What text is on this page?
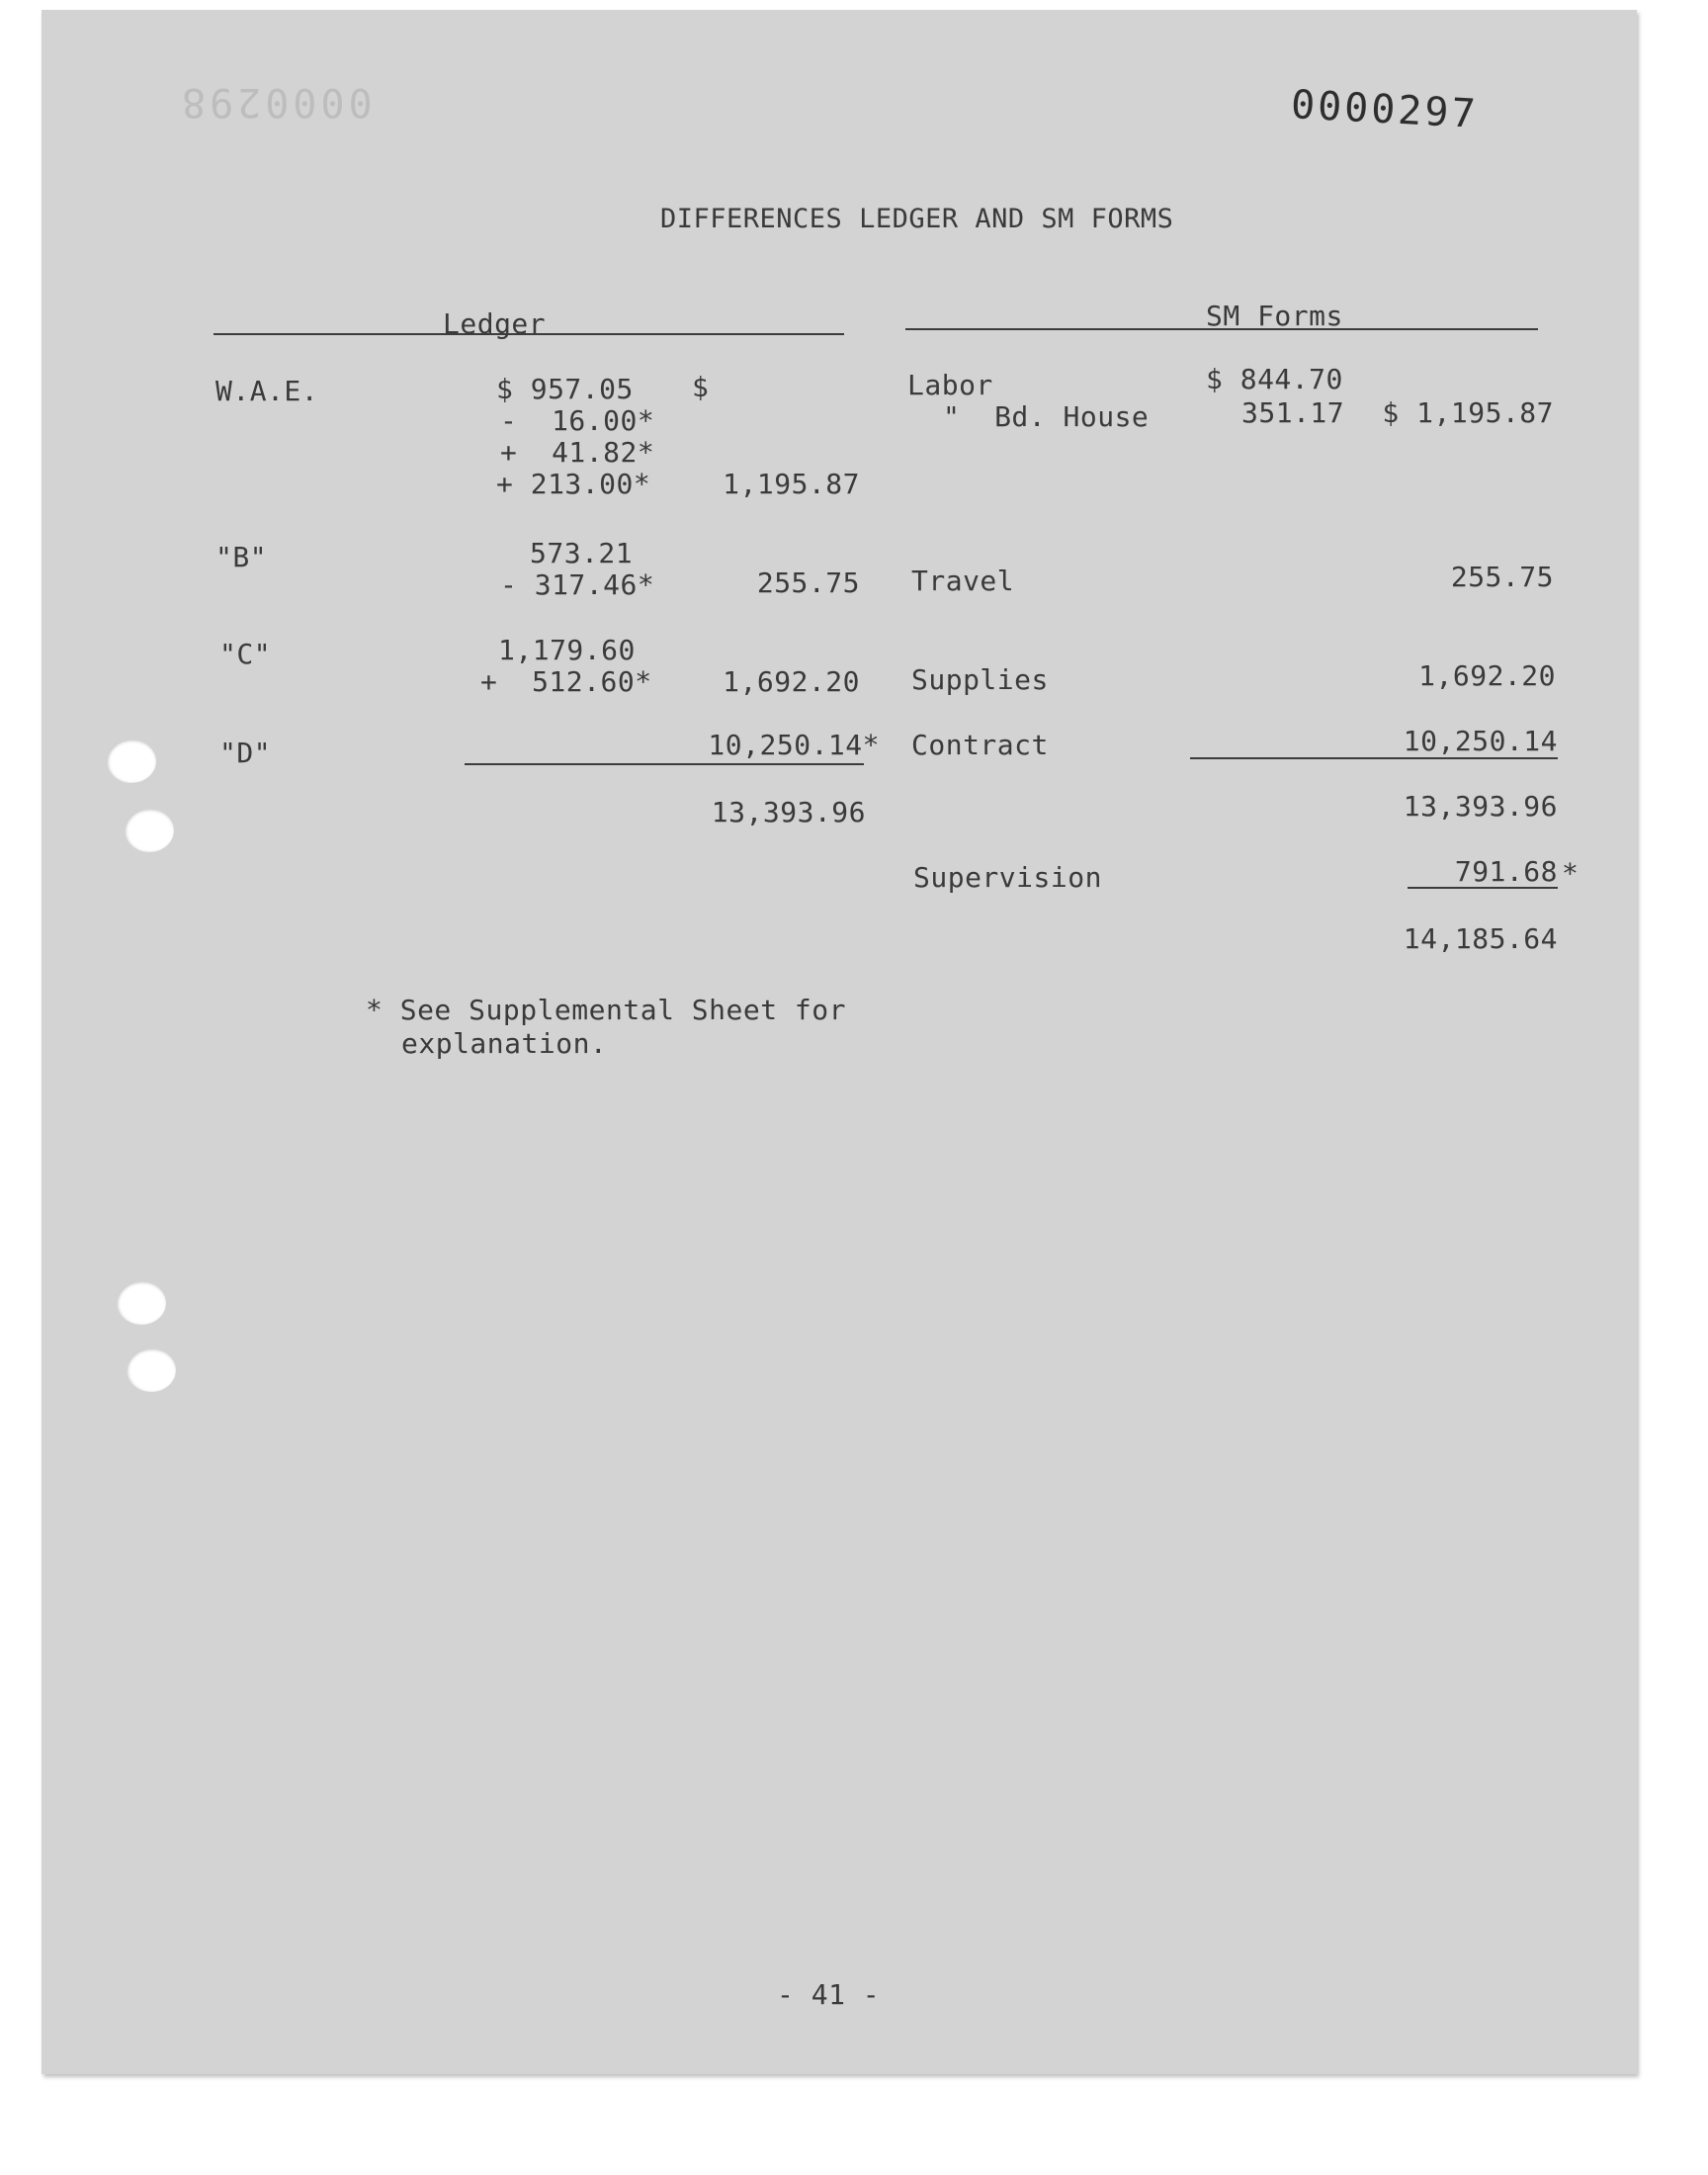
0000298	0000297
DIFFERENCES LEDGER AND SM FORMS
Ledger	SM Forms
W.A.E.	$ 957.05 $
-  16.00*
+  41.82*
+ 213.00*	1,195.87
"B"	573.21
- 317.46*	255.75
"C"	1,179.60
+  512.60*	1,692.20
"D"	10,250.14*
13,393.96
Labor	$ 844.70
"  Bd. House	351.17	$ 1,195.87
Travel	255.75
Supplies	1,692.20
Contract	10,250.14
13,393.96
Supervision	791.68 *
14,185.64
* See Supplemental Sheet for
explanation.
- 41 -
